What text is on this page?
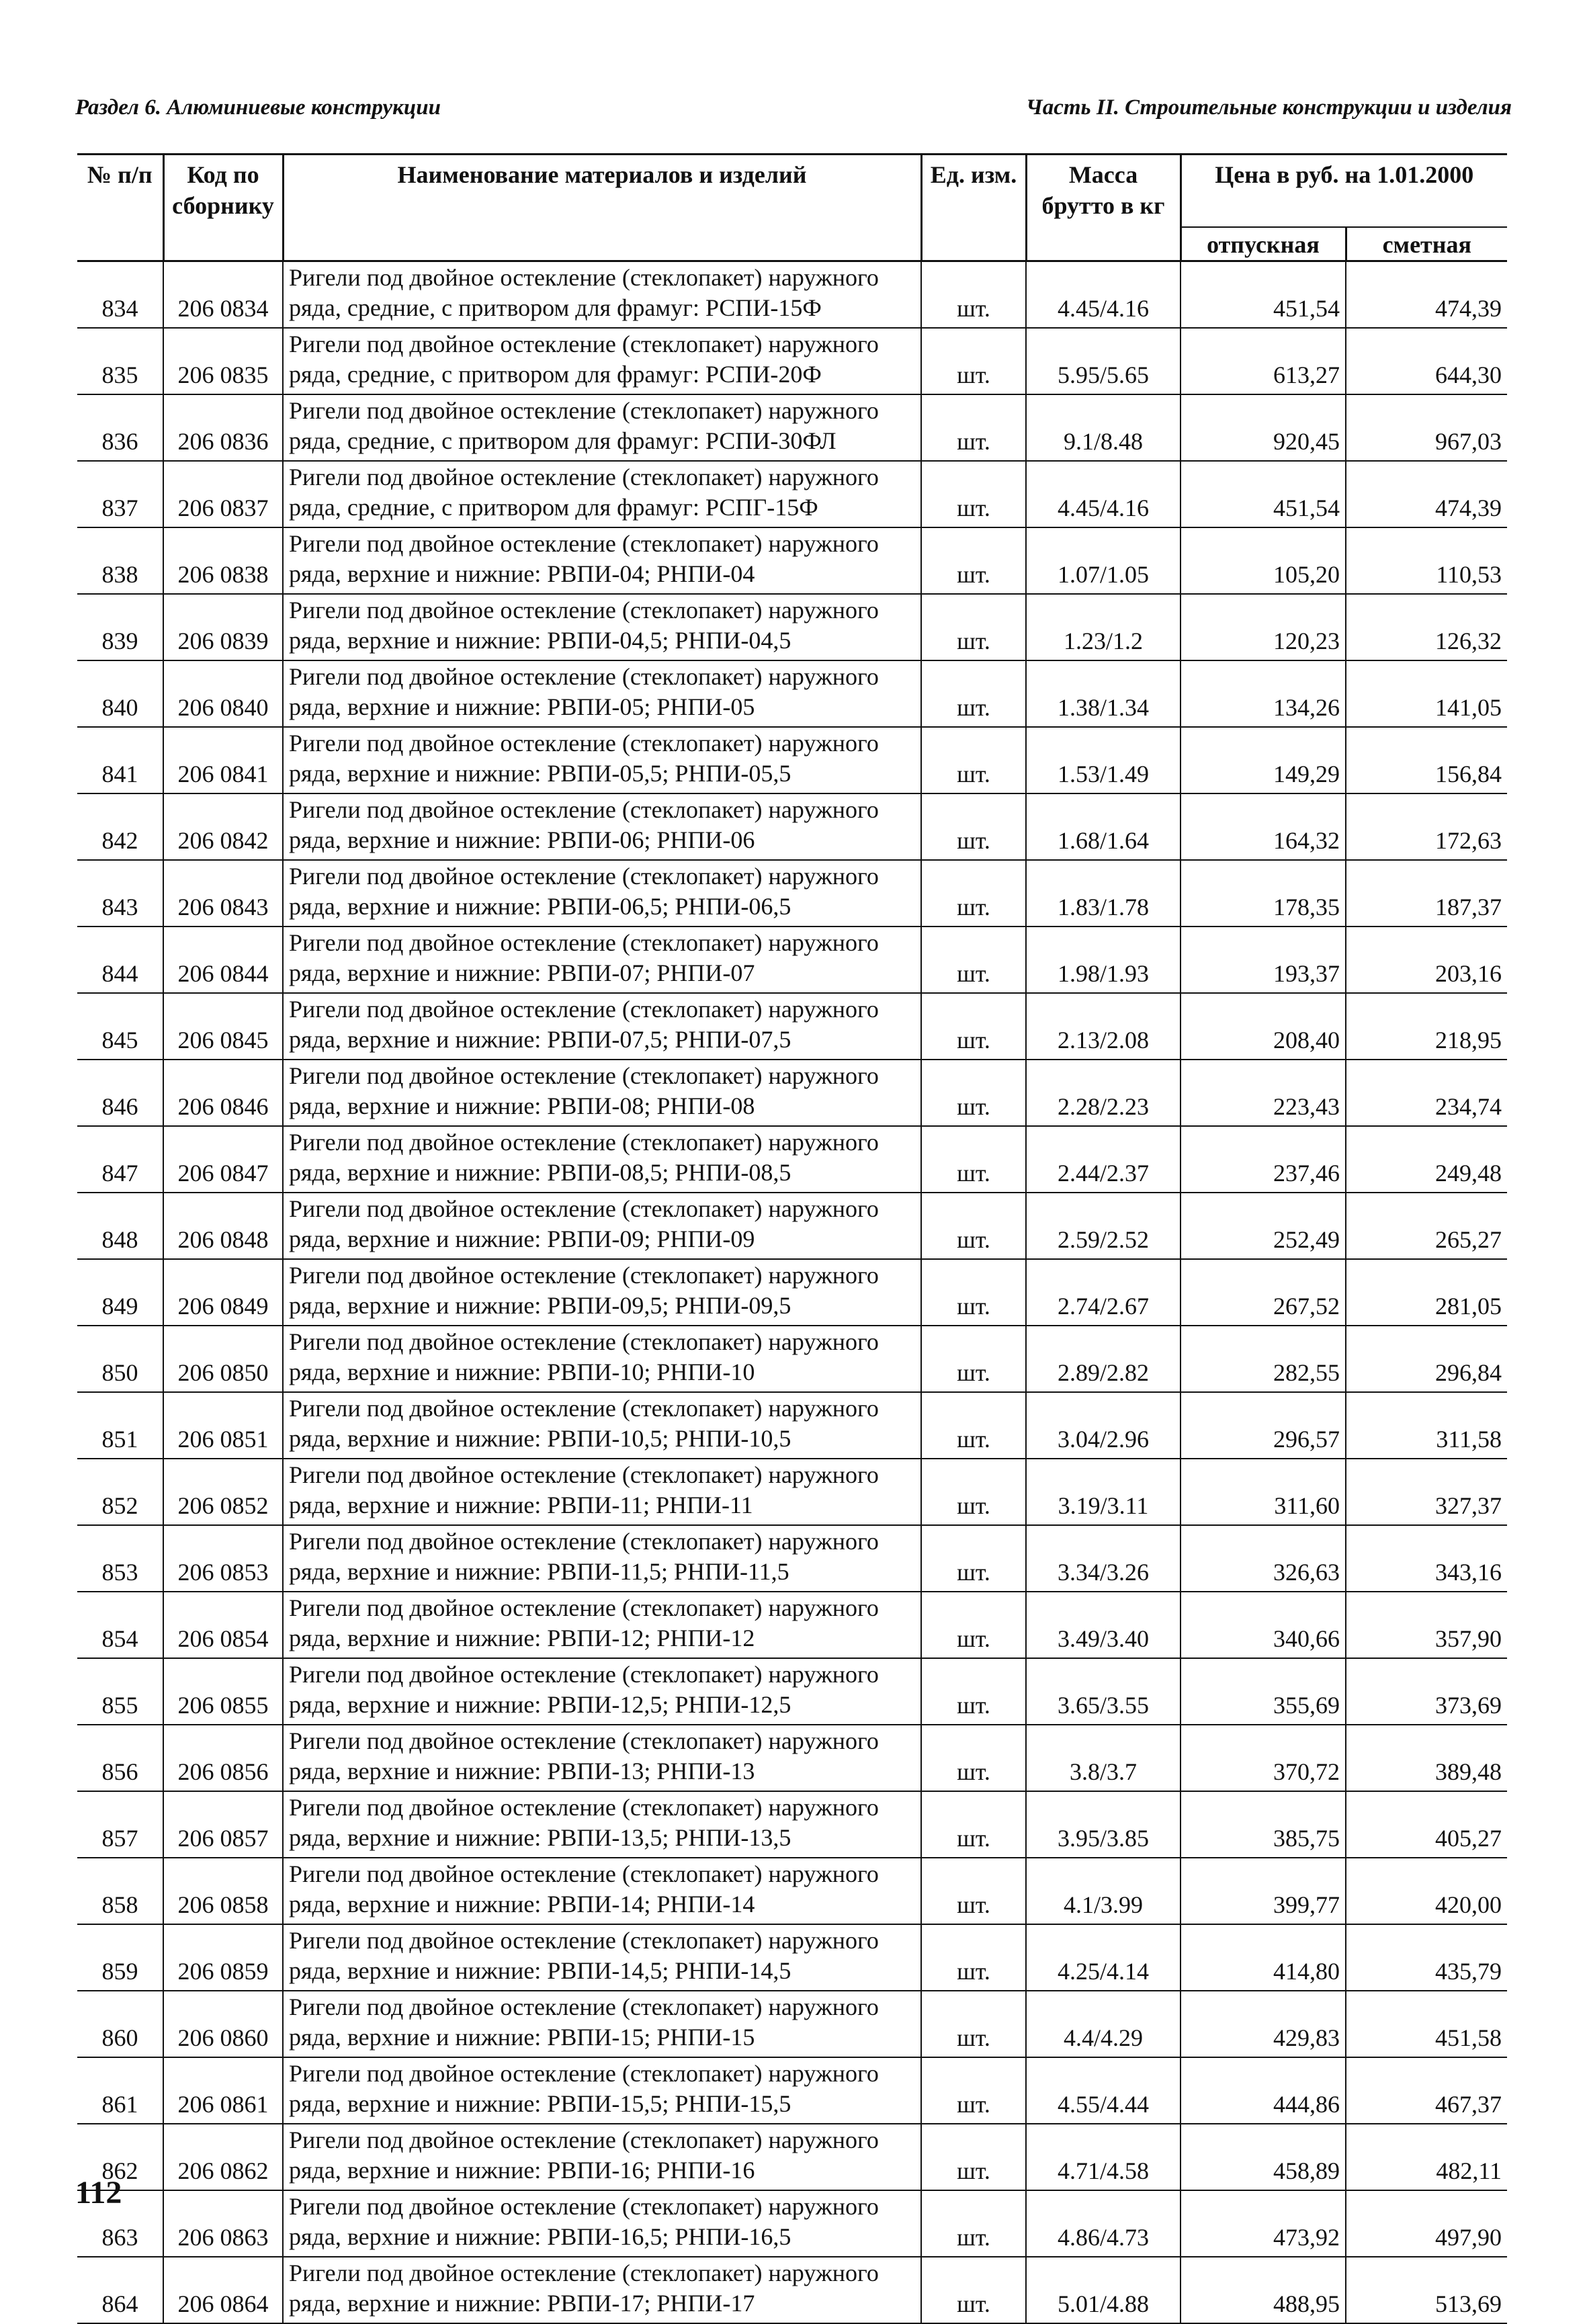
Раздел 6. Алюминиевые конструкции	Часть II. Строительные конструкции и изделия
№ п/п	Код по сборнику	Наименование материалов и изделий	Ед. изм.	Масса брутто в кг	Цена в руб. на 1.01.2000	
					отпускная	сметная
834	206 0834	Ригели под двойное остекление (стеклопакет) наружного
ряда, средние, с притвором для фрамуг: РСПИ-15Ф	шт.	4.45/4.16	451,54	474,39
835	206 0835	Ригели под двойное остекление (стеклопакет) наружного
ряда, средние, с притвором для фрамуг: РСПИ-20Ф	шт.	5.95/5.65	613,27	644,30
836	206 0836	Ригели под двойное остекление (стеклопакет) наружного
ряда, средние, с притвором для фрамуг: РСПИ-30ФЛ	шт.	9.1/8.48	920,45	967,03
837	206 0837	Ригели под двойное остекление (стеклопакет) наружного
ряда, средние, с притвором для фрамуг: РСПГ-15Ф	шт.	4.45/4.16	451,54	474,39
838	206 0838	Ригели под двойное остекление (стеклопакет) наружного
ряда, верхние и нижние: РВПИ-04; РНПИ-04	шт.	1.07/1.05	105,20	110,53
839	206 0839	Ригели под двойное остекление (стеклопакет) наружного
ряда, верхние и нижние: РВПИ-04,5; РНПИ-04,5	шт.	1.23/1.2	120,23	126,32
840	206 0840	Ригели под двойное остекление (стеклопакет) наружного
ряда, верхние и нижние: РВПИ-05; РНПИ-05	шт.	1.38/1.34	134,26	141,05
841	206 0841	Ригели под двойное остекление (стеклопакет) наружного
ряда, верхние и нижние: РВПИ-05,5; РНПИ-05,5	шт.	1.53/1.49	149,29	156,84
842	206 0842	Ригели под двойное остекление (стеклопакет) наружного
ряда, верхние и нижние: РВПИ-06; РНПИ-06	шт.	1.68/1.64	164,32	172,63
843	206 0843	Ригели под двойное остекление (стеклопакет) наружного
ряда, верхние и нижние: РВПИ-06,5; РНПИ-06,5	шт.	1.83/1.78	178,35	187,37
844	206 0844	Ригели под двойное остекление (стеклопакет) наружного
ряда, верхние и нижние: РВПИ-07; РНПИ-07	шт.	1.98/1.93	193,37	203,16
845	206 0845	Ригели под двойное остекление (стеклопакет) наружного
ряда, верхние и нижние: РВПИ-07,5; РНПИ-07,5	шт.	2.13/2.08	208,40	218,95
846	206 0846	Ригели под двойное остекление (стеклопакет) наружного
ряда, верхние и нижние: РВПИ-08; РНПИ-08	шт.	2.28/2.23	223,43	234,74
847	206 0847	Ригели под двойное остекление (стеклопакет) наружного
ряда, верхние и нижние: РВПИ-08,5; РНПИ-08,5	шт.	2.44/2.37	237,46	249,48
848	206 0848	Ригели под двойное остекление (стеклопакет) наружного
ряда, верхние и нижние: РВПИ-09; РНПИ-09	шт.	2.59/2.52	252,49	265,27
849	206 0849	Ригели под двойное остекление (стеклопакет) наружного
ряда, верхние и нижние: РВПИ-09,5; РНПИ-09,5	шт.	2.74/2.67	267,52	281,05
850	206 0850	Ригели под двойное остекление (стеклопакет) наружного
ряда, верхние и нижние: РВПИ-10; РНПИ-10	шт.	2.89/2.82	282,55	296,84
851	206 0851	Ригели под двойное остекление (стеклопакет) наружного
ряда, верхние и нижние: РВПИ-10,5; РНПИ-10,5	шт.	3.04/2.96	296,57	311,58
852	206 0852	Ригели под двойное остекление (стеклопакет) наружного
ряда, верхние и нижние: РВПИ-11; РНПИ-11	шт.	3.19/3.11	311,60	327,37
853	206 0853	Ригели под двойное остекление (стеклопакет) наружного
ряда, верхние и нижние: РВПИ-11,5; РНПИ-11,5	шт.	3.34/3.26	326,63	343,16
854	206 0854	Ригели под двойное остекление (стеклопакет) наружного
ряда, верхние и нижние: РВПИ-12; РНПИ-12	шт.	3.49/3.40	340,66	357,90
855	206 0855	Ригели под двойное остекление (стеклопакет) наружного
ряда, верхние и нижние: РВПИ-12,5; РНПИ-12,5	шт.	3.65/3.55	355,69	373,69
856	206 0856	Ригели под двойное остекление (стеклопакет) наружного
ряда, верхние и нижние: РВПИ-13; РНПИ-13	шт.	3.8/3.7	370,72	389,48
857	206 0857	Ригели под двойное остекление (стеклопакет) наружного
ряда, верхние и нижние: РВПИ-13,5; РНПИ-13,5	шт.	3.95/3.85	385,75	405,27
858	206 0858	Ригели под двойное остекление (стеклопакет) наружного
ряда, верхние и нижние: РВПИ-14; РНПИ-14	шт.	4.1/3.99	399,77	420,00
859	206 0859	Ригели под двойное остекление (стеклопакет) наружного
ряда, верхние и нижние: РВПИ-14,5; РНПИ-14,5	шт.	4.25/4.14	414,80	435,79
860	206 0860	Ригели под двойное остекление (стеклопакет) наружного
ряда, верхние и нижние: РВПИ-15; РНПИ-15	шт.	4.4/4.29	429,83	451,58
861	206 0861	Ригели под двойное остекление (стеклопакет) наружного
ряда, верхние и нижние: РВПИ-15,5; РНПИ-15,5	шт.	4.55/4.44	444,86	467,37
862	206 0862	Ригели под двойное остекление (стеклопакет) наружного
ряда, верхние и нижние: РВПИ-16; РНПИ-16	шт.	4.71/4.58	458,89	482,11
863	206 0863	Ригели под двойное остекление (стеклопакет) наружного
ряда, верхние и нижние: РВПИ-16,5; РНПИ-16,5	шт.	4.86/4.73	473,92	497,90
864	206 0864	Ригели под двойное остекление (стеклопакет) наружного
ряда, верхние и нижние: РВПИ-17; РНПИ-17	шт.	5.01/4.88	488,95	513,69
112
